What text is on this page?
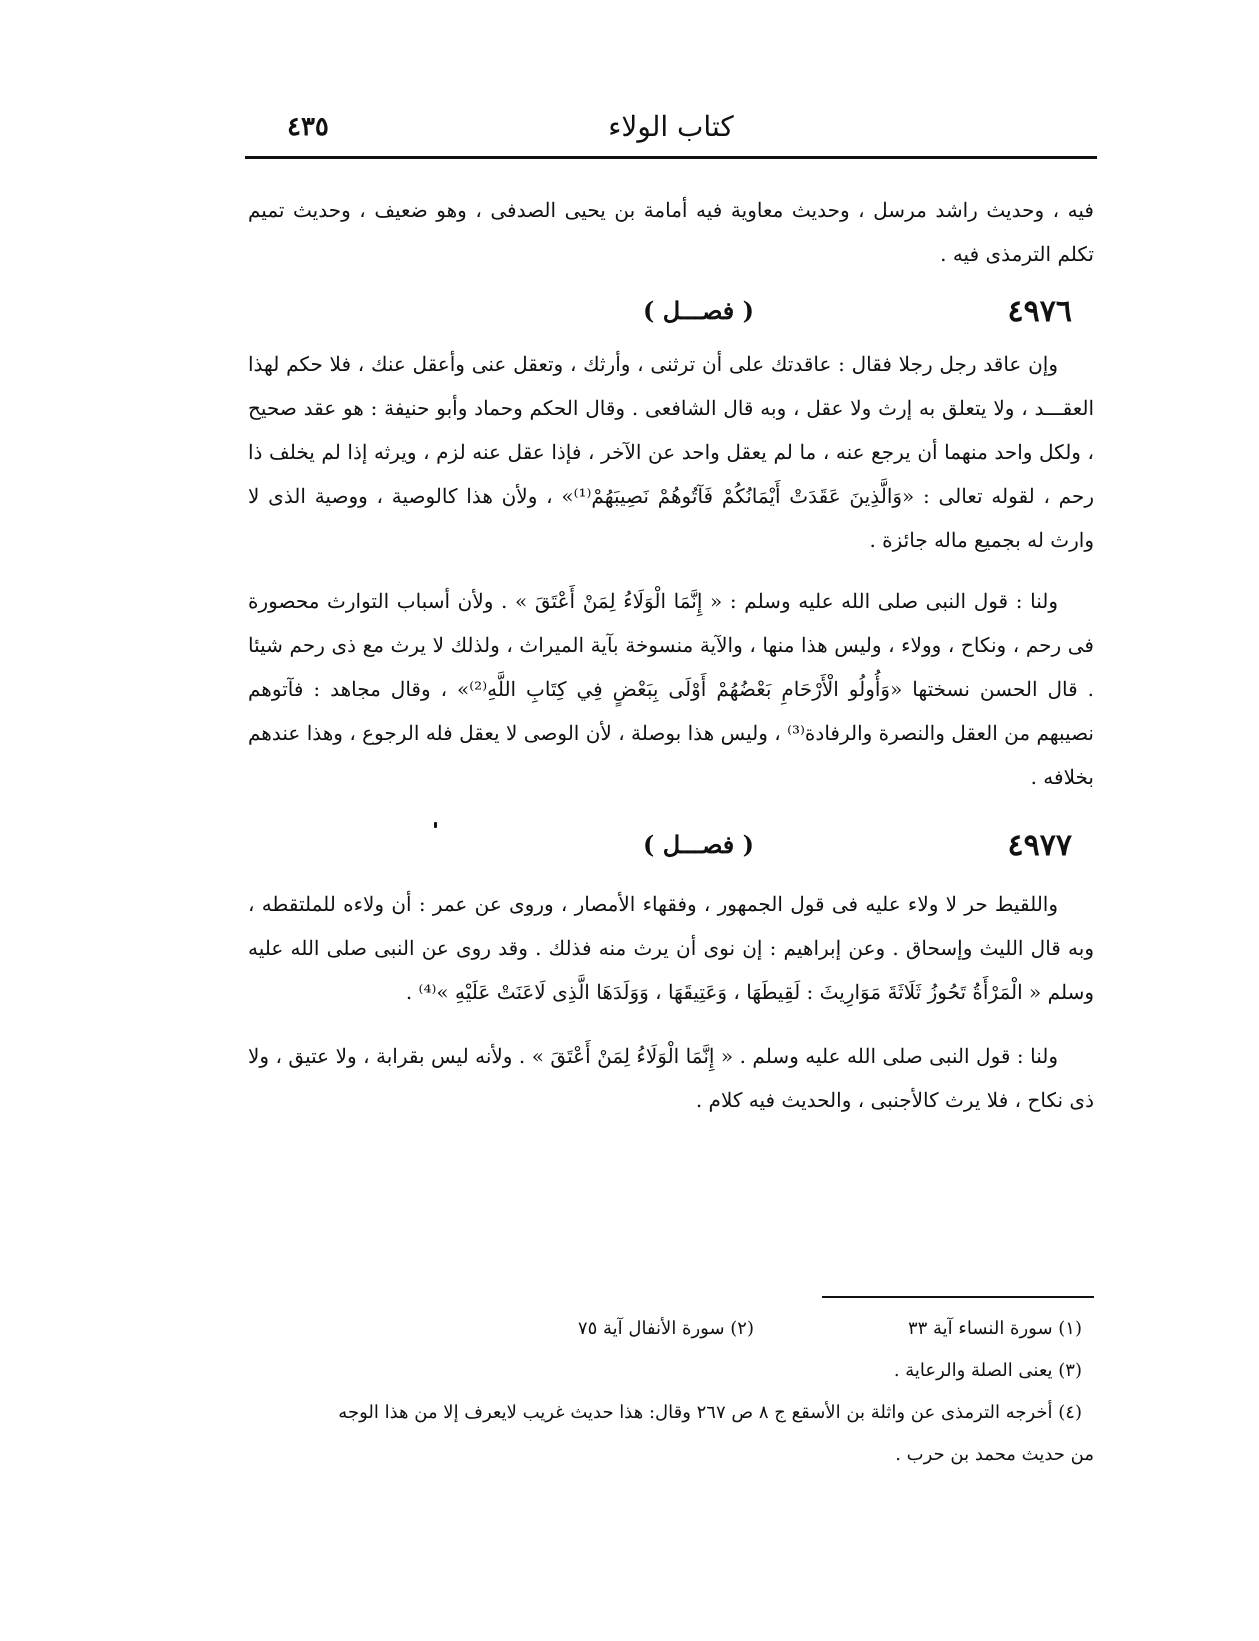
٤٣٥	كتاب الولاء
فيه ، وحديث راشد مرسل ، وحديث معاوية فيه أمامة بن يحيى الصدفى ، وهو ضعيف ، وحديث تميم تكلم الترمذى فيه .
٤٩٧٦
( فصـــل )
وإن عاقد رجل رجلا فقال : عاقدتك على أن ترثنى ، وأرثك ، وتعقل عنى وأعقل عنك ، فلا حكم لهذا العقـــد ، ولا يتعلق به إرث ولا عقل ، وبه قال الشافعى . وقال الحكم وحماد وأبو حنيفة : هو عقد صحيح ، ولكل واحد منهما أن يرجع عنه ، ما لم يعقل واحد عن الآخر ، فإذا عقل عنه لزم ، ويرثه إذا لم يخلف ذا رحم ، لقوله تعالى : «وَالَّذِينَ عَقَدَتْ أَيْمَانُكُمْ فَآتُوهُمْ نَصِيبَهُمْ⁽¹⁾» ، ولأن هذا كالوصية ، ووصية الذى لا وارث له بجميع ماله جائزة .
ولنا : قول النبى صلى الله عليه وسلم : « إِنَّمَا الْوَلَاءُ لِمَنْ أَعْتَقَ » . ولأن أسباب التوارث محصورة فى رحم ، ونكاح ، وولاء ، وليس هذا منها ، والآية منسوخة بآية الميراث ، ولذلك لا يرث مع ذى رحم شيئا . قال الحسن نسختها «وَأُولُو الْأَرْحَامِ بَعْضُهُمْ أَوْلَى بِبَعْضٍ فِي كِتَابِ اللَّهِ⁽²⁾» ، وقال مجاهد : فآتوهم نصيبهم من العقل والنصرة والرفادة⁽³⁾ ، وليس هذا بوصلة ، لأن الوصى لا يعقل فله الرجوع ، وهذا عندهم بخلافه .
٤٩٧٧
( فصـــل )
واللقيط حر لا ولاء عليه فى قول الجمهور ، وفقهاء الأمصار ، وروى عن عمر : أن ولاءه للملتقطه ، وبه قال الليث وإسحاق . وعن إبراهيم : إن نوى أن يرث منه فذلك . وقد روى عن النبى صلى الله عليه وسلم « الْمَرْأَةُ تَحُوزُ ثَلَاثَةَ مَوَارِيثَ : لَقِيطَهَا ، وَعَتِيقَهَا ، وَوَلَدَهَا الَّذِى لَاعَنَتْ عَلَيْهِ »⁽⁴⁾ .
ولنا : قول النبى صلى الله عليه وسلم . « إِنَّمَا الْوَلَاءُ لِمَنْ أَعْتَقَ » . ولأنه ليس بقرابة ، ولا عتيق ، ولا ذى نكاح ، فلا يرث كالأجنبى ، والحديث فيه كلام .
(١) سورة النساء آية ٣٣
(٢) سورة الأنفال آية ٧٥
(٣) يعنى الصلة والرعاية .
(٤) أخرجه الترمذى عن واثلة بن الأسقع ج ٨ ص ٢٦٧ وقال: هذا حديث غريب لايعرف إلا من هذا الوجه
من حديث محمد بن حرب .
